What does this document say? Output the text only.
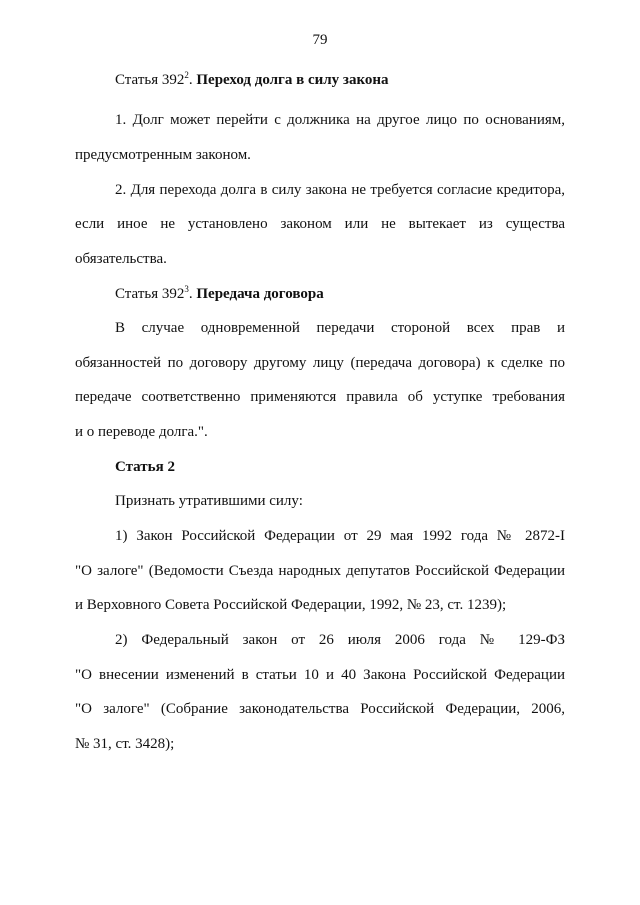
79
Статья $392^2$. Переход долга в силу закона
1. Долг может перейти с должника на другое лицо по основаниям,
предусмотренным законом.
2. Для перехода долга в силу закона не требуется согласие кредитора,
если иное не установлено законом или не вытекает из существа
обязательства.
Статья $392^3$. Передача договора
В случае одновременной передачи стороной всех прав и
обязанностей по договору другому лицу (передача договора) к сделке по
передаче соответственно применяются правила об уступке требования
и о переводе долга.".
Статья 2
Признать утратившими силу:
1) Закон Российской Федерации от 29 мая 1992 года № 2872-I
"О залоге" (Ведомости Съезда народных депутатов Российской Федерации
и Верховного Совета Российской Федерации, 1992, № 23, ст. 1239);
2) Федеральный закон от 26 июля 2006 года № 129-ФЗ
"О внесении изменений в статьи 10 и 40 Закона Российской Федерации
"О залоге" (Собрание законодательства Российской Федерации, 2006,
№ 31, ст. 3428);
